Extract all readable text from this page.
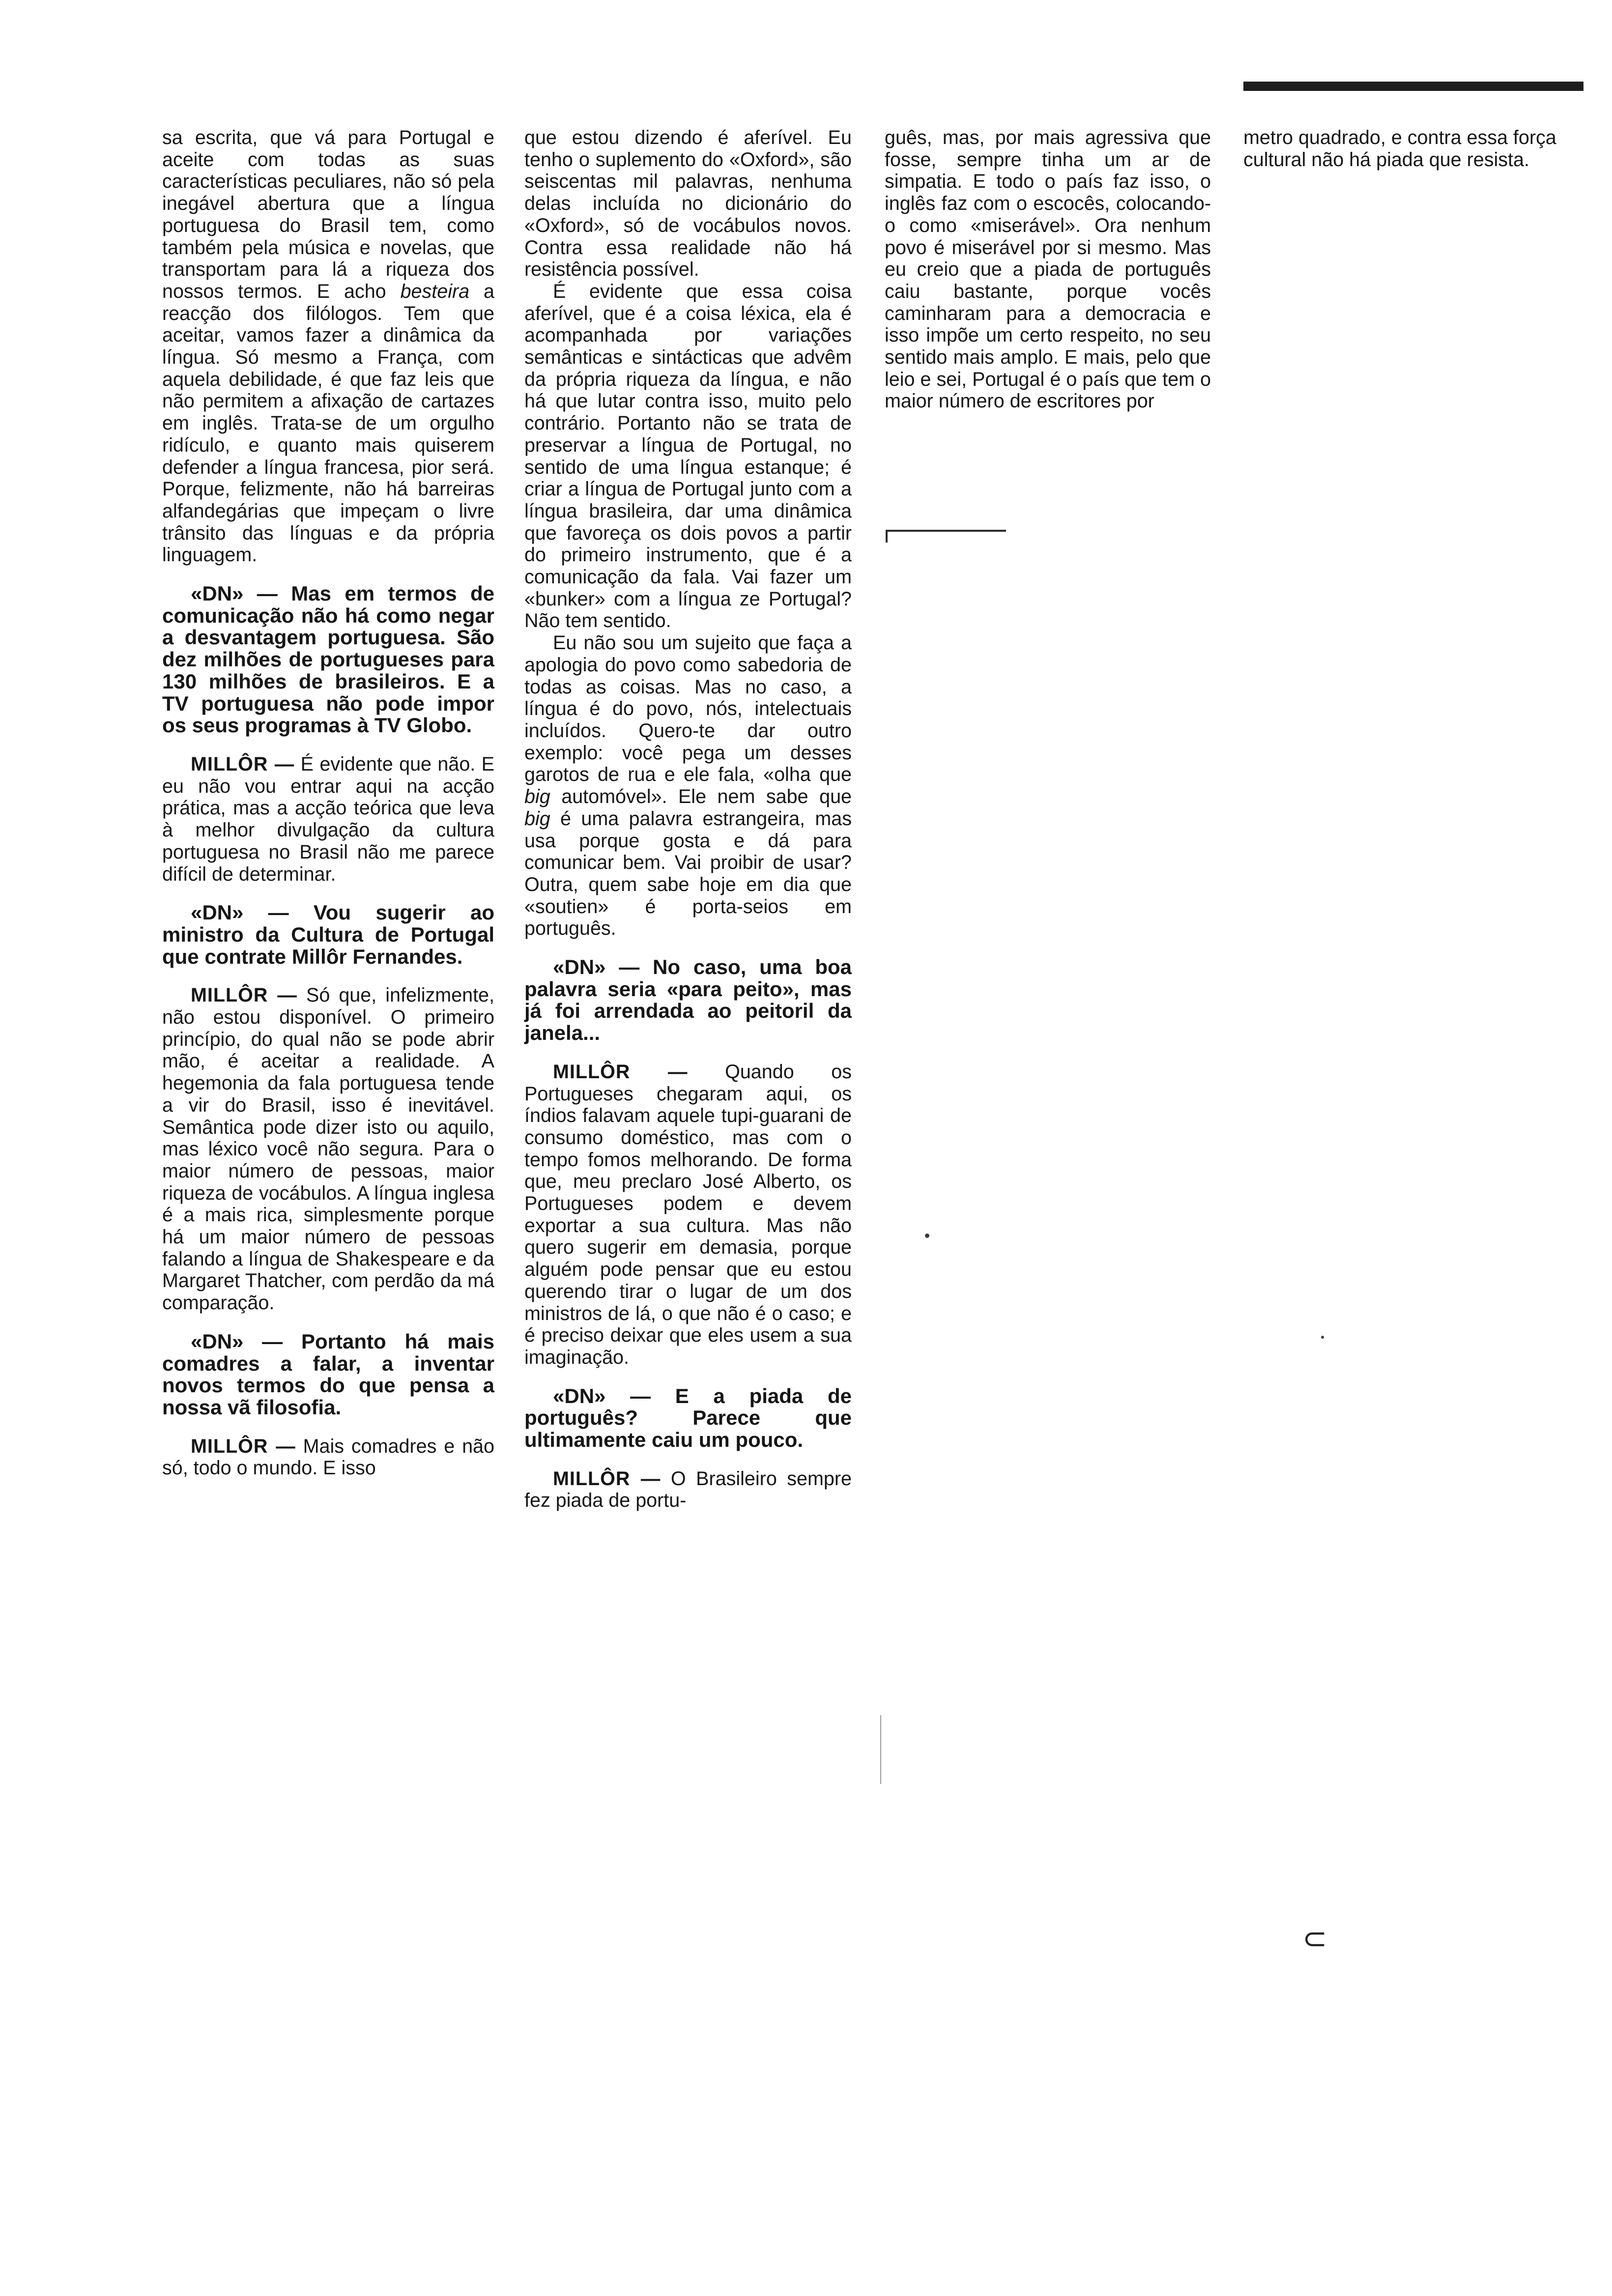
sa escrita, que vá para Portugal e aceite com todas as suas características peculiares, não só pela inegável abertura que a língua portuguesa do Brasil tem, como também pela música e novelas, que transportam para lá a riqueza dos nossos termos. E acho besteira a reacção dos filólogos. Tem que aceitar, vamos fazer a dinâmica da língua. Só mesmo a França, com aquela debilidade, é que faz leis que não permitem a afixação de cartazes em inglês. Trata-se de um orgulho ridículo, e quanto mais quiserem defender a língua francesa, pior será. Porque, felizmente, não há barreiras alfandegárias que impeçam o livre trânsito das línguas e da própria linguagem.

«DN» — Mas em termos de comunicação não há como negar a desvantagem portuguesa. São dez milhões de portugueses para 130 milhões de brasileiros. E a TV portuguesa não pode impor os seus programas à TV Globo.

MILLÔR — É evidente que não. E eu não vou entrar aqui na acção prática, mas a acção teórica que leva à melhor divulgação da cultura portuguesa no Brasil não me parece difícil de determinar.

«DN» — Vou sugerir ao ministro da Cultura de Portugal que contrate Millôr Fernandes.

MILLÔR — Só que, infelizmente, não estou disponível. O primeiro princípio, do qual não se pode abrir mão, é aceitar a realidade. A hegemonia da fala portuguesa tende a vir do Brasil, isso é inevitável. Semântica pode dizer isto ou aquilo, mas léxico você não segura. Para o maior número de pessoas, maior riqueza de vocábulos. A língua inglesa é a mais rica, simplesmente porque há um maior número de pessoas falando a língua de Shakespeare e da Margaret Thatcher, com perdão da má comparação.

«DN» — Portanto há mais comadres a falar, a inventar novos termos do que pensa a nossa vã filosofia.

MILLÔR — Mais comadres e não só, todo o mundo. E isso

que estou dizendo é aferível. Eu tenho o suplemento do «Oxford», são seiscentas mil palavras, nenhuma delas incluída no dicionário do «Oxford», só de vocábulos novos. Contra essa realidade não há resistência possível.

É evidente que essa coisa aferível, que é a coisa léxica, ela é acompanhada por variações semânticas e sintácticas que advêm da própria riqueza da língua, e não há que lutar contra isso, muito pelo contrário. Portanto não se trata de preservar a língua de Portugal, no sentido de uma língua estanque; é criar a língua de Portugal junto com a língua brasileira, dar uma dinâmica que favoreça os dois povos a partir do primeiro instrumento, que é a comunicação da fala. Vai fazer um «bunker» com a língua ze Portugal? Não tem sentido.

Eu não sou um sujeito que faça a apologia do povo como sabedoria de todas as coisas. Mas no caso, a língua é do povo, nós, intelectuais incluídos. Quero-te dar outro exemplo: você pega um desses garotos de rua e ele fala, «olha que big automóvel». Ele nem sabe que big é uma palavra estrangeira, mas usa porque gosta e dá para comunicar bem. Vai proibir de usar? Outra, quem sabe hoje em dia que «soutien» é porta-seios em português.

«DN» — No caso, uma boa palavra seria «para peito», mas já foi arrendada ao peitoril da janela...

MILLÔR — Quando os Portugueses chegaram aqui, os índios falavam aquele tupi-guarani de consumo doméstico, mas com o tempo fomos melhorando. De forma que, meu preclaro José Alberto, os Portugueses podem e devem exportar a sua cultura. Mas não quero sugerir em demasia, porque alguém pode pensar que eu estou querendo tirar o lugar de um dos ministros de lá, o que não é o caso; e é preciso deixar que eles usem a sua imaginação.

«DN» — E a piada de português? Parece que ultimamente caiu um pouco.

MILLÔR — O Brasileiro sempre fez piada de portu-

guês, mas, por mais agressiva que fosse, sempre tinha um ar de simpatia. E todo o país faz isso, o inglês faz com o escocês, colocando-o como «miserável». Ora nenhum povo é miserável por si mesmo. Mas eu creio que a piada de português caiu bastante, porque vocês caminharam para a democracia e isso impõe um certo respeito, no seu sentido mais amplo. E mais, pelo que leio e sei, Portugal é o país que tem o maior número de escritores por

metro quadrado, e contra essa força cultural não há piada que resista.

⊂
